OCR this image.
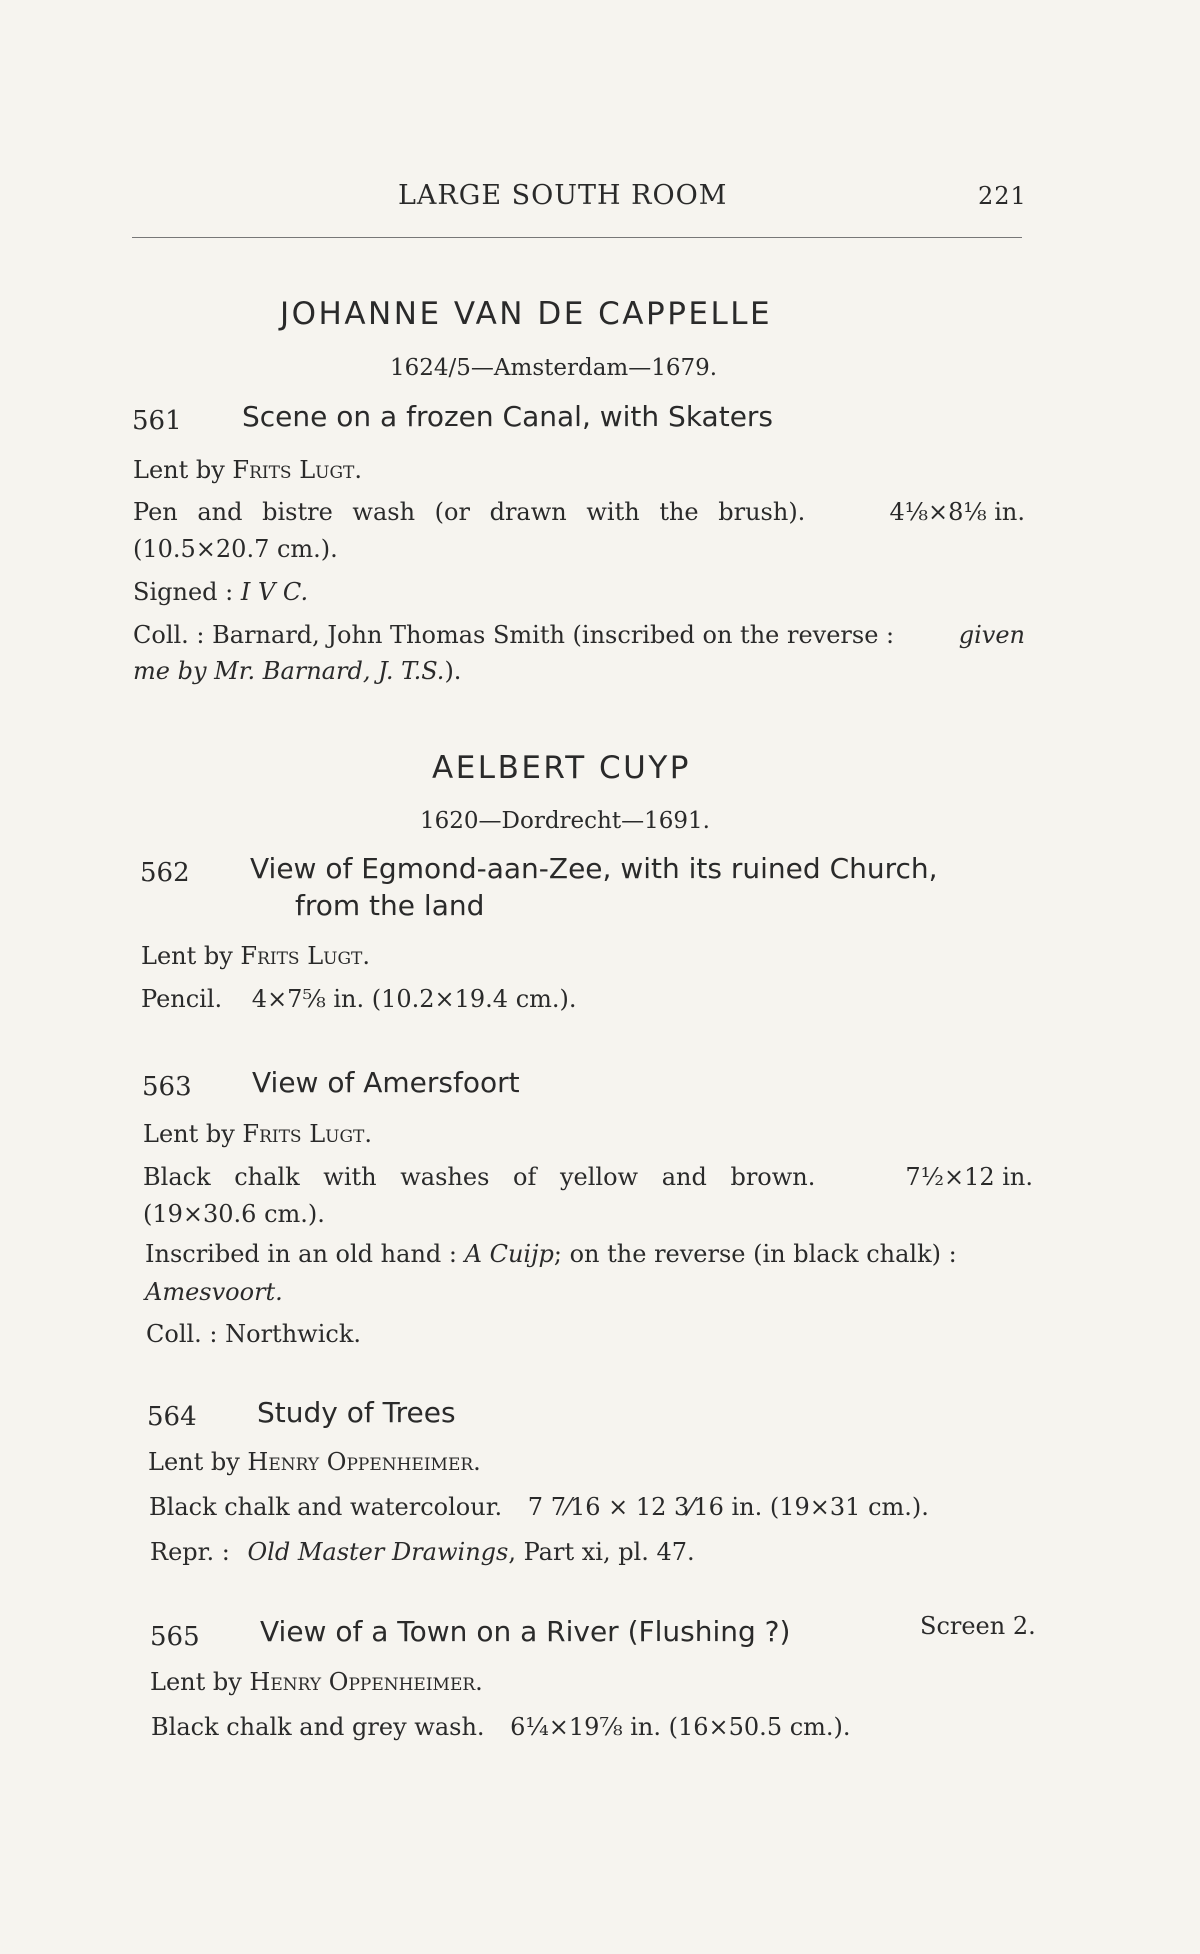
LARGE SOUTH ROOM	221
JOHANNE VAN DE CAPPELLE
1624/5—Amsterdam—1679.
561 Scene on a frozen Canal, with Skaters
Lent by Frits Lugt.
Pen and bistre wash (or drawn with the brush).	4⅛×8⅛ in.
(10.5×20.7 cm.).
Signed : I V C.
Coll. : Barnard, John Thomas Smith (inscribed on the reverse :	given
me by Mr. Barnard, J. T.S.).
AELBERT CUYP
1620—Dordrecht—1691.
562 View of Egmond-aan-Zee, with its ruined Church,
from the land
Lent by Frits Lugt.
Pencil. 4×7⅝ in. (10.2×19.4 cm.).
563 View of Amersfoort
Lent by Frits Lugt.
Black chalk with washes of yellow and brown.	7½×12 in.
(19×30.6 cm.).
Inscribed in an old hand : A Cuijp; on the reverse (in black chalk) :
Amesvoort.
Coll. : Northwick.
564 Study of Trees
Lent by Henry Oppenheimer.
Black chalk and watercolour. 7 7⁄16 × 12 3⁄16 in. (19×31 cm.).
Repr. : Old Master Drawings, Part xi, pl. 47.
565 View of a Town on a River (Flushing ?)	Screen 2.
Lent by Henry Oppenheimer.
Black chalk and grey wash. 6¼×19⅞ in. (16×50.5 cm.).
